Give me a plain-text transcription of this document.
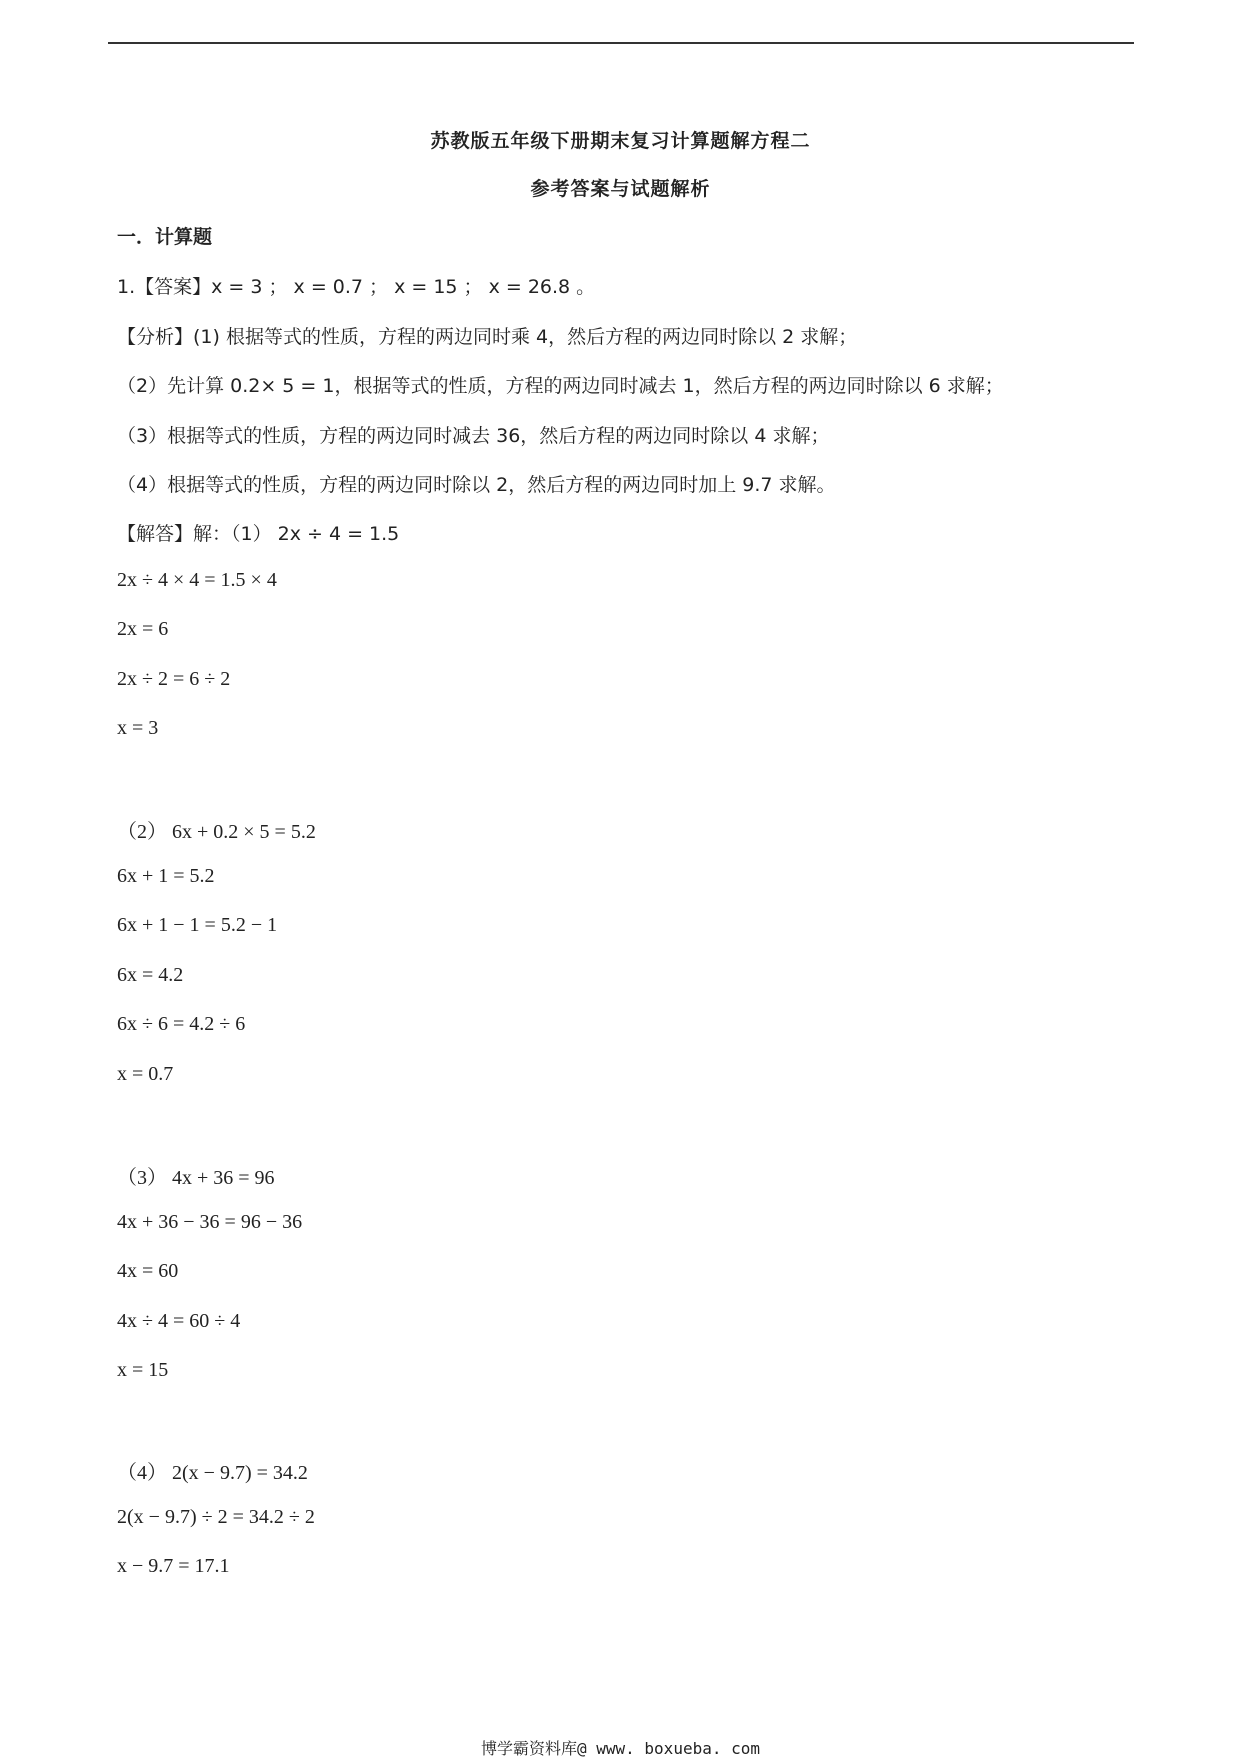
苏教版五年级下册期末复习计算题解方程二
参考答案与试题解析
一．计算题
1.【答案】x = 3 ； x = 0.7 ； x = 15 ； x = 26.8 。
【分析】(1) 根据等式的性质，方程的两边同时乘 4，然后方程的两边同时除以 2 求解；
（2）先计算 0.2× 5 = 1，根据等式的性质，方程的两边同时减去 1，然后方程的两边同时除以 6 求解；
（3）根据等式的性质，方程的两边同时减去 36，然后方程的两边同时除以 4 求解；
（4）根据等式的性质，方程的两边同时除以 2，然后方程的两边同时加上 9.7 求解。
【解答】解：（1） 2x ÷ 4 = 1.5
2x ÷ 4 × 4 = 1.5 × 4
2x = 6
2x ÷ 2 = 6 ÷ 2
x = 3
（2） 6x + 0.2 × 5 = 5.2
6x + 1 = 5.2
6x + 1 − 1 = 5.2 − 1
6x = 4.2
6x ÷ 6 = 4.2 ÷ 6
x = 0.7
（3） 4x + 36 = 96
4x + 36 − 36 = 96 − 36
4x = 60
4x ÷ 4 = 60 ÷ 4
x = 15
（4） 2(x − 9.7) = 34.2
2(x − 9.7) ÷ 2 = 34.2 ÷ 2
x − 9.7 = 17.1
博学霸资料库@ www. boxueba. com
